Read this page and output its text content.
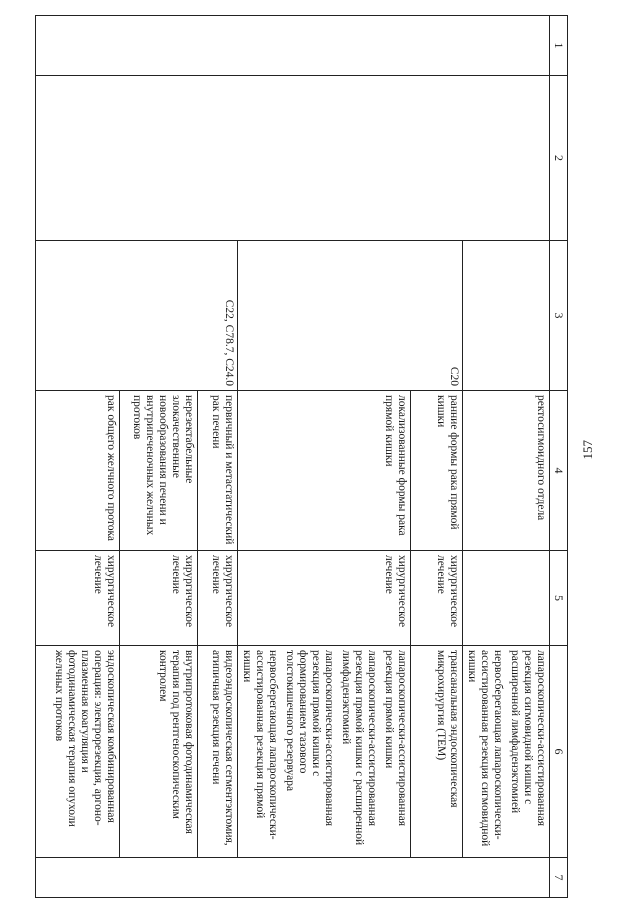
157
1	2	3	4	5	6	7
			ректосигмоидного отдела		лапароскопически-ассистированная резекция сигмовидной кишки с расширенной лимфаденэктомией
нервосберегающая лапароскопически-ассистированная резекция сигмовидной кишки	

		C20	ранние формы рака прямой кишки	хирургическое лечение	трансанальная эндоскопическая микрохирургия (ТЕМ)	

			локализованные формы рака прямой кишки	хирургическое лечение	лапароскопически-ассистированная резекция прямой кишки
лапароскопически-ассистированная резекция прямой кишки с расширенной лимфаденэктомией
лапароскопически-ассистированная резекция прямой кишки с формированием тазового толстокишечного резервуара
нервосберегающая лапароскопически-ассистированная резекция прямой кишки	

		C22, C78.7, C24.0	первичный и метастатический рак печени	хирургическое лечение	видеоэндоскопическая сегментэктомия, атипичная резекция печени	

			нерезектабельные злокачественные новообразования печени и внутрипеченочных желчных протоков	хирургическое лечение	внутрипротоковая фотодинамическая терапия под рентгеноскопическим контролем	

			рак общего желчного протока	хирургическое лечение	эндоскопическая комбинированная операция: электрорезекция, аргоно-плазменная коагуляция и фотодинамическая терапия опухоли желчных протоков	
